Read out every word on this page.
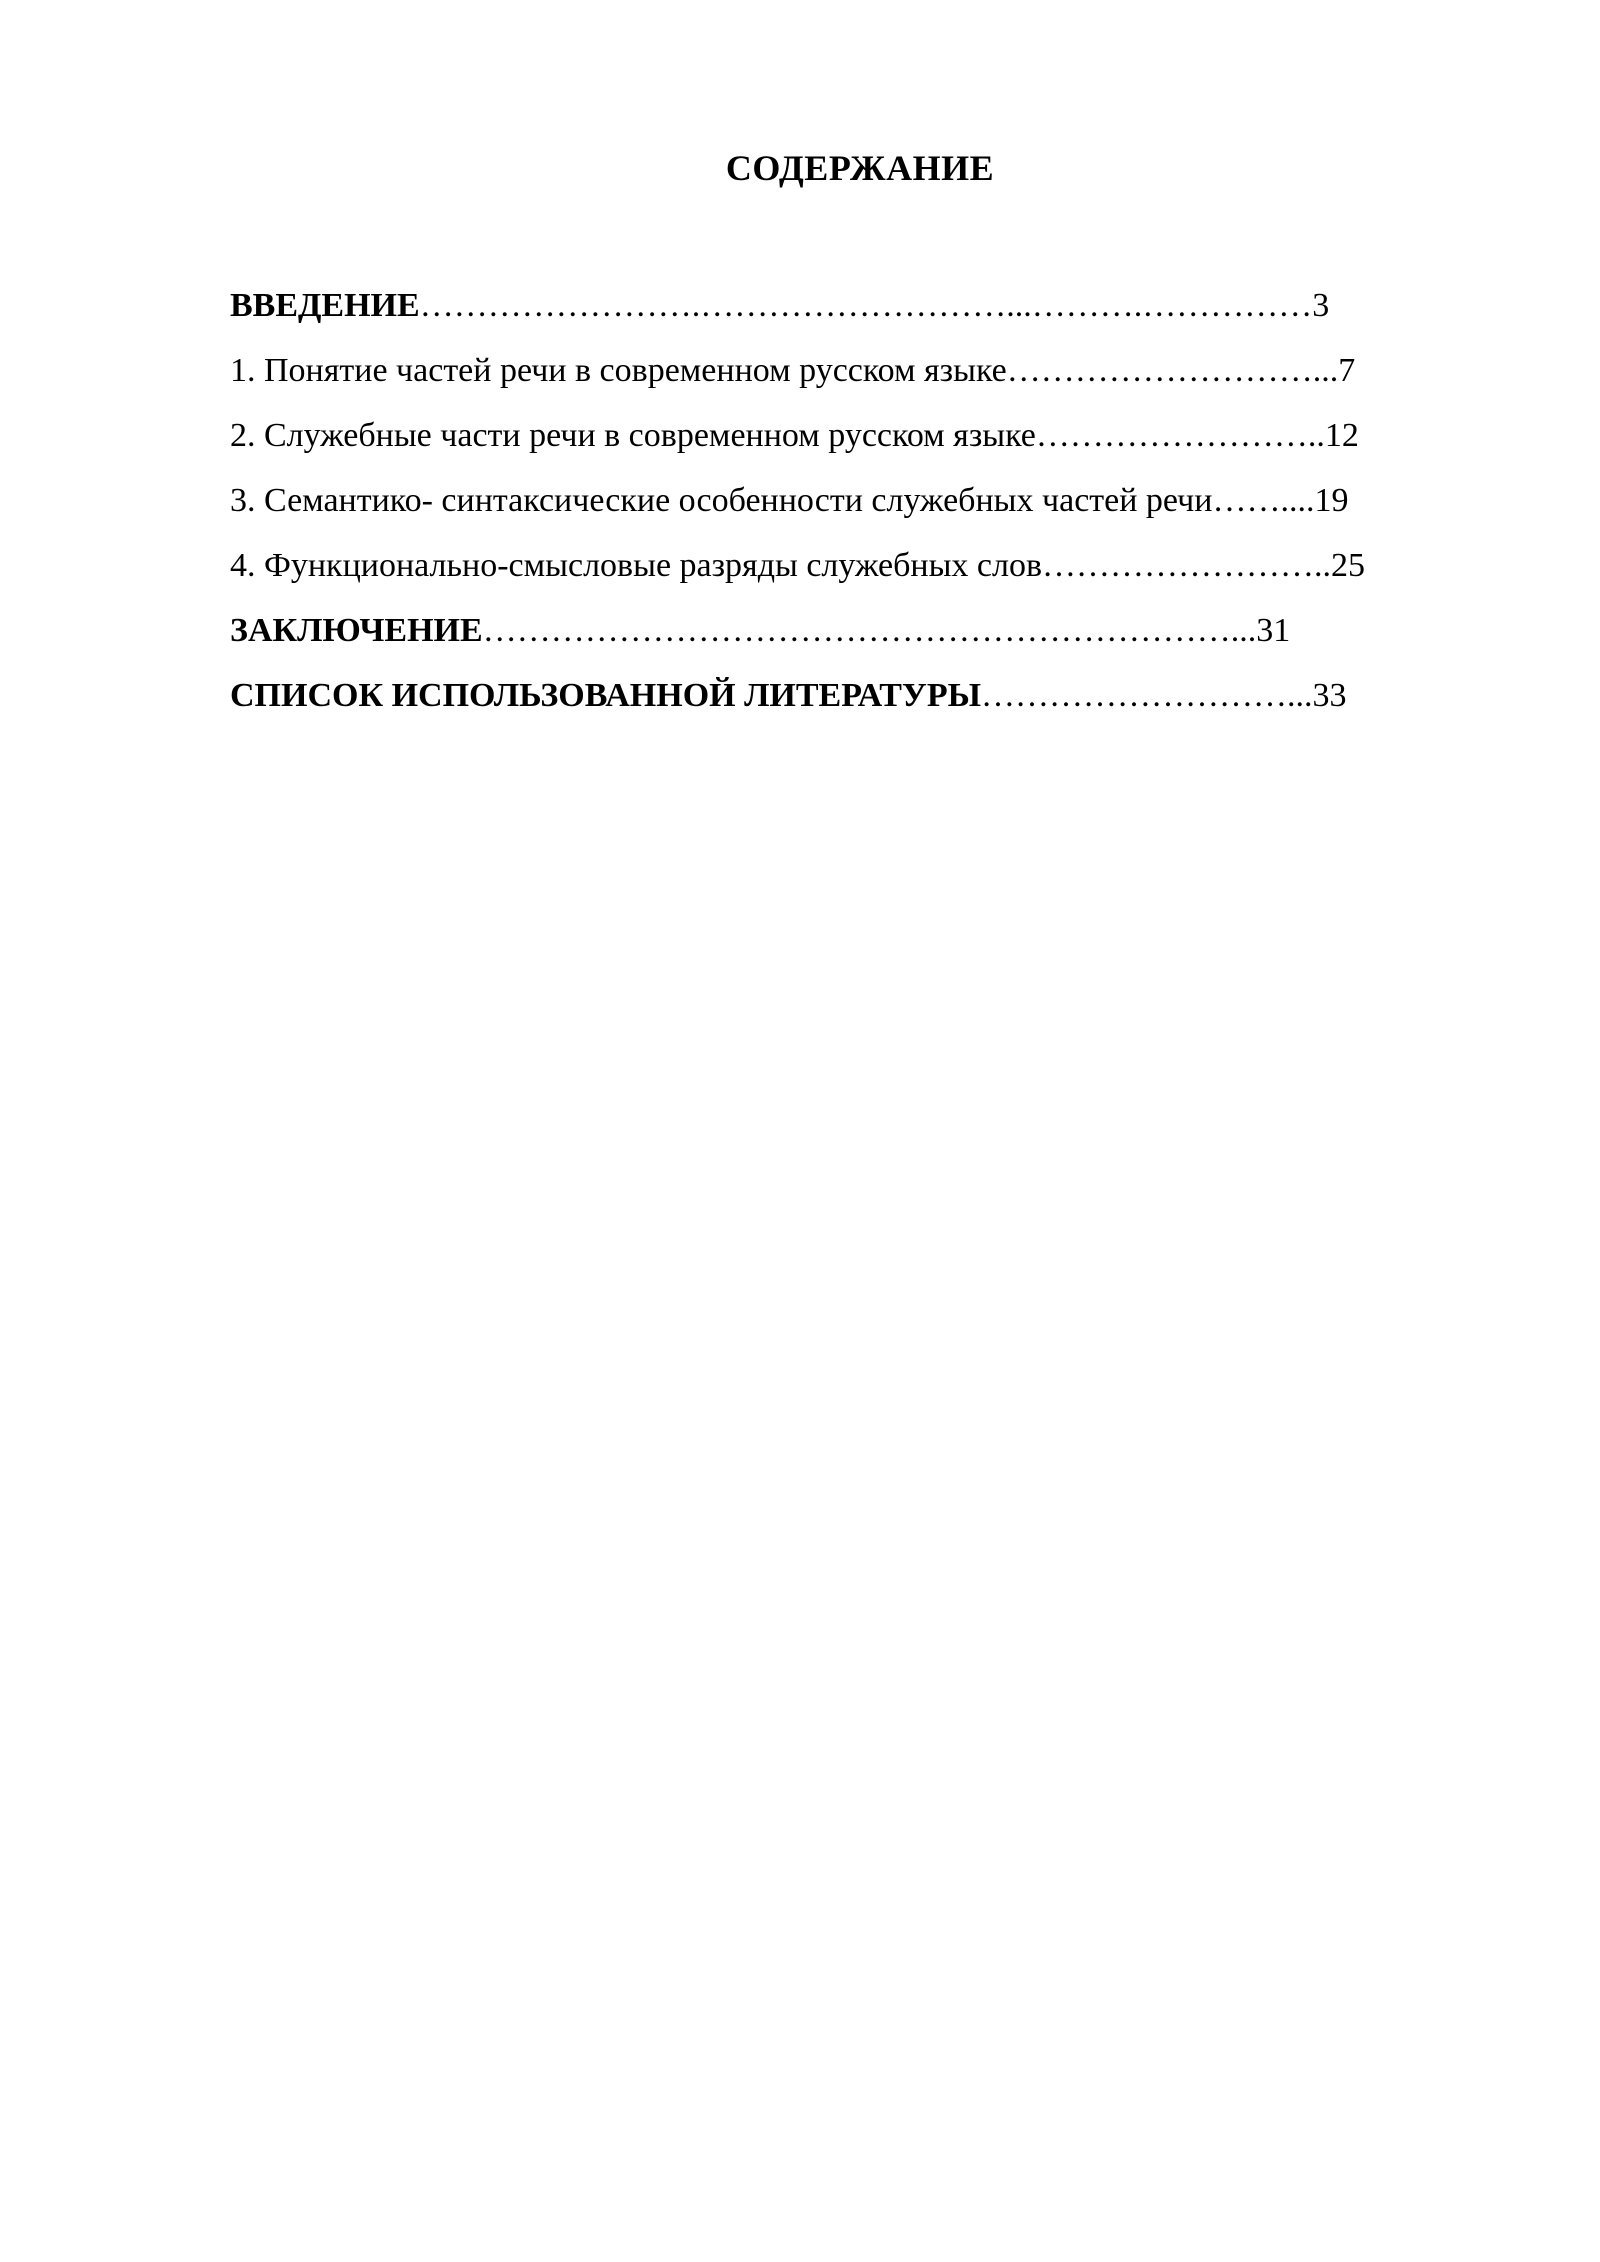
СОДЕРЖАНИЕ
ВВЕДЕНИЕ…………………….………………………...……….……………3
1. Понятие частей речи в современном русском языке………………………...7
2. Служебные части речи в современном русском языке……………………..12
3. Семантико- синтаксические особенности служебных частей речи……....19
4. Функционально-смысловые разряды служебных слов……………………..25
ЗАКЛЮЧЕНИЕ…………………………………………………………...31
СПИСОК ИСПОЛЬЗОВАННОЙ ЛИТЕРАТУРЫ………………………...33
